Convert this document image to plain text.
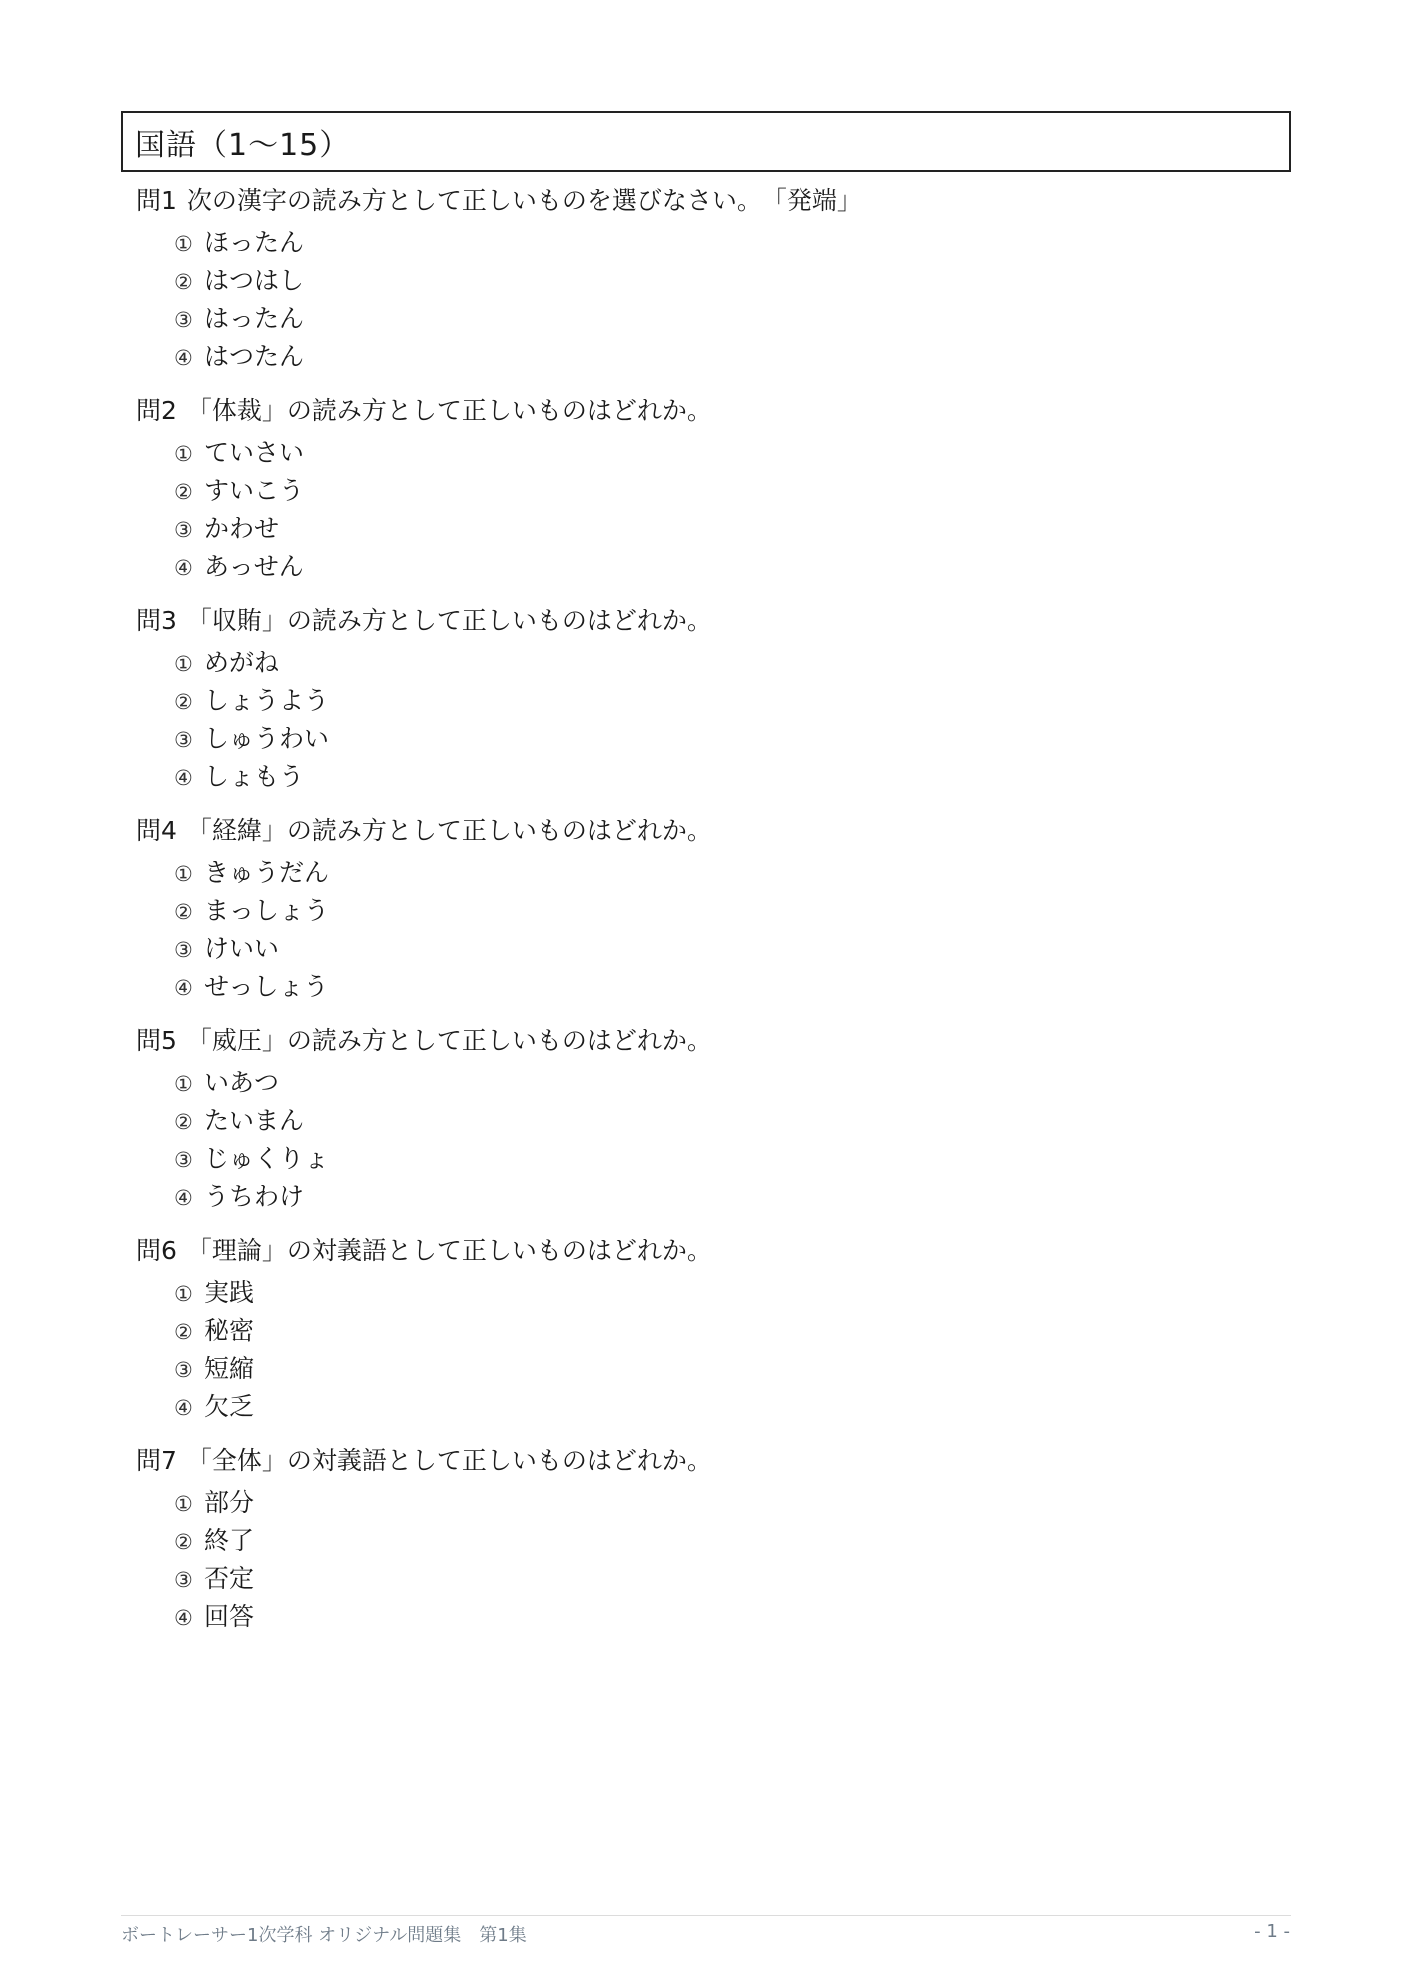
国語（1～15）
問1 次の漢字の読み方として正しいものを選びなさい。　「発端」
① ほったん
② はつはし
③ はったん
④ はつたん
問2 「体裁」の読み方として正しいものはどれか。
① ていさい
② すいこう
③ かわせ
④ あっせん
問3 「収賄」の読み方として正しいものはどれか。
① めがね
② しょうよう
③ しゅうわい
④ しょもう
問4 「経緯」の読み方として正しいものはどれか。
① きゅうだん
② まっしょう
③ けいい
④ せっしょう
問5 「威圧」の読み方として正しいものはどれか。
① いあつ
② たいまん
③ じゅくりょ
④ うちわけ
問6 「理論」の対義語として正しいものはどれか。
① 実践
② 秘密
③ 短縮
④ 欠乏
問7 「全体」の対義語として正しいものはどれか。
① 部分
② 終了
③ 否定
④ 回答
ボートレーサー1次学科 オリジナル問題集　第1集	- 1 -
